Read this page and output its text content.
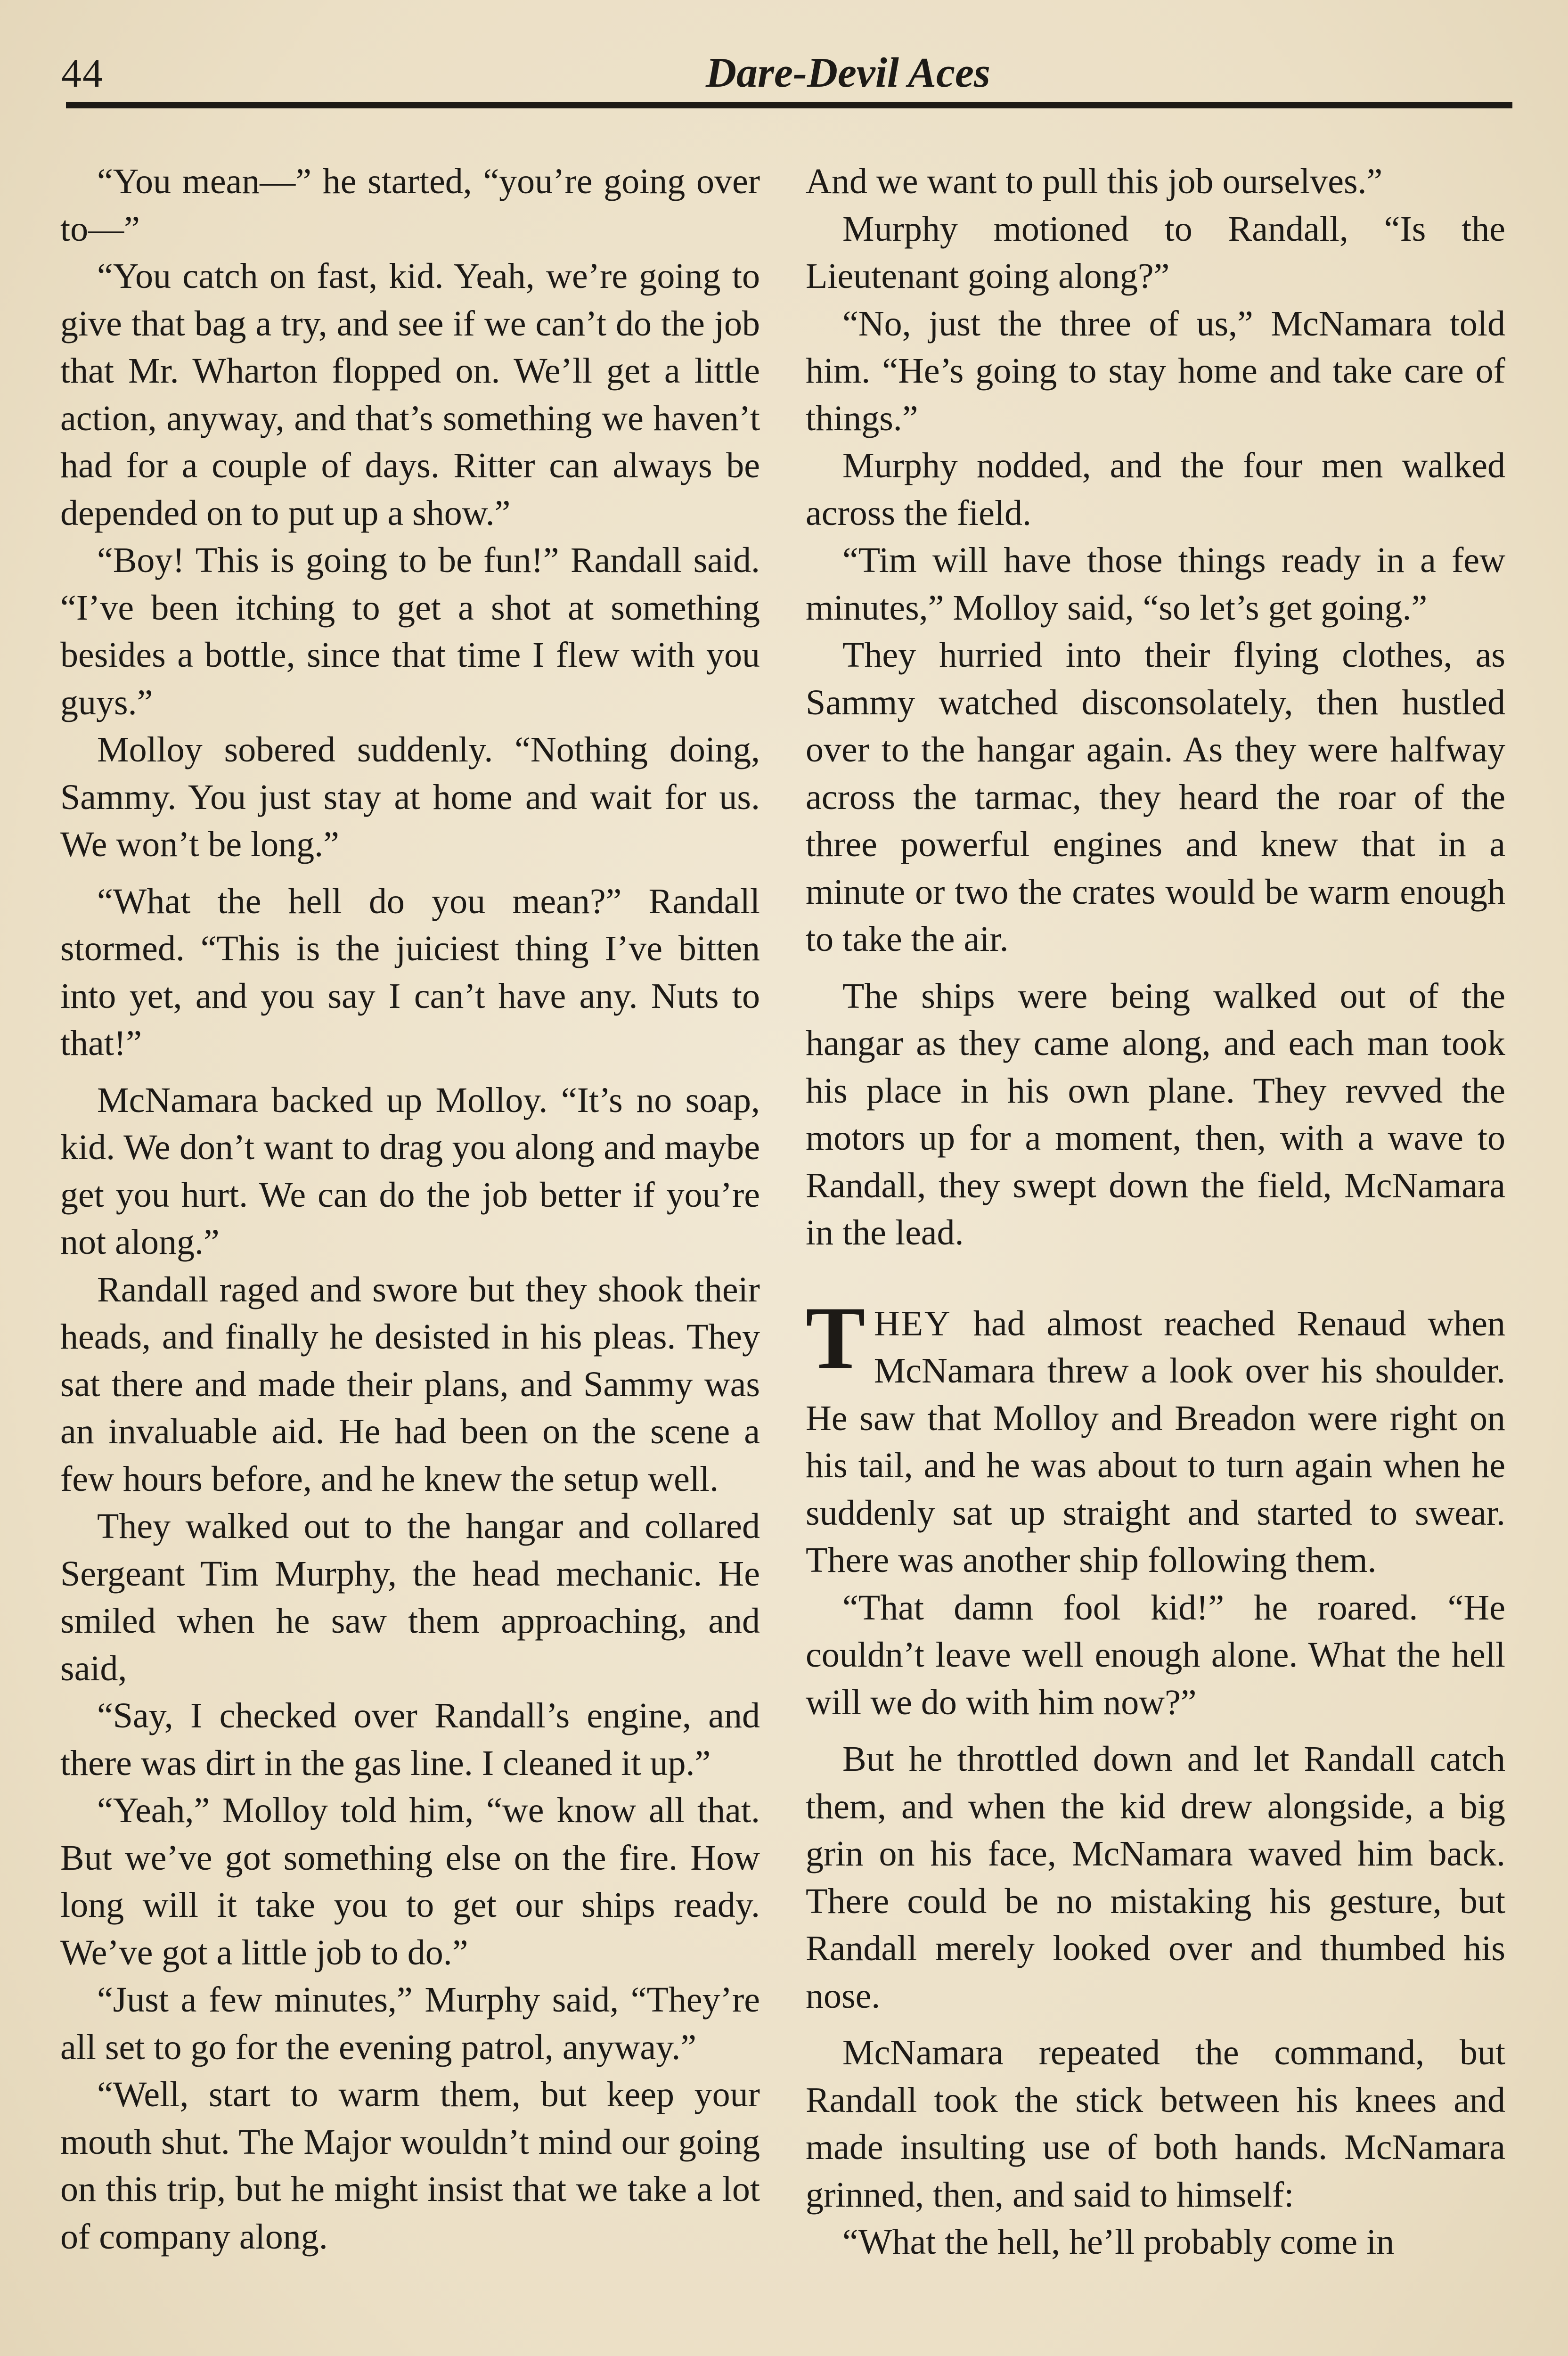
44	Dare-Devil Aces

“You mean—” he started, “you’re going over to—”

“You catch on fast, kid. Yeah, we’re going to give that bag a try, and see if we can’t do the job that Mr. Wharton flopped on. We’ll get a little action, anyway, and that’s something we haven’t had for a couple of days. Ritter can always be depended on to put up a show.”

“Boy! This is going to be fun!” Randall said. “I’ve been itching to get a shot at something besides a bottle, since that time I flew with you guys.”

Molloy sobered suddenly. “Nothing doing, Sammy. You just stay at home and wait for us. We won’t be long.”

“What the hell do you mean?” Randall stormed. “This is the juiciest thing I’ve bitten into yet, and you say I can’t have any. Nuts to that!”

McNamara backed up Molloy. “It’s no soap, kid. We don’t want to drag you along and maybe get you hurt. We can do the job better if you’re not along.”

Randall raged and swore but they shook their heads, and finally he desisted in his pleas. They sat there and made their plans, and Sammy was an invaluable aid. He had been on the scene a few hours before, and he knew the setup well.

They walked out to the hangar and collared Sergeant Tim Murphy, the head mechanic. He smiled when he saw them approaching, and said,

“Say, I checked over Randall’s engine, and there was dirt in the gas line. I cleaned it up.”

“Yeah,” Molloy told him, “we know all that. But we’ve got something else on the fire. How long will it take you to get our ships ready. We’ve got a little job to do.”

“Just a few minutes,” Murphy said, “They’re all set to go for the evening patrol, anyway.”

“Well, start to warm them, but keep your mouth shut. The Major wouldn’t mind our going on this trip, but he might insist that we take a lot of company along.

And we want to pull this job ourselves.”

Murphy motioned to Randall, “Is the Lieutenant going along?”

“No, just the three of us,” McNamara told him. “He’s going to stay home and take care of things.”

Murphy nodded, and the four men walked across the field.

“Tim will have those things ready in a few minutes,” Molloy said, “so let’s get going.”

They hurried into their flying clothes, as Sammy watched disconsolately, then hustled over to the hangar again. As they were halfway across the tarmac, they heard the roar of the three powerful engines and knew that in a minute or two the crates would be warm enough to take the air.

The ships were being walked out of the hangar as they came along, and each man took his place in his own plane. They revved the motors up for a moment, then, with a wave to Randall, they swept down the field, McNamara in the lead.

THEY had almost reached Renaud when McNamara threw a look over his shoulder. He saw that Molloy and Breadon were right on his tail, and he was about to turn again when he suddenly sat up straight and started to swear. There was another ship following them.

“That damn fool kid!” he roared. “He couldn’t leave well enough alone. What the hell will we do with him now?”

But he throttled down and let Randall catch them, and when the kid drew alongside, a big grin on his face, McNamara waved him back. There could be no mistaking his gesture, but Randall merely looked over and thumbed his nose.

McNamara repeated the command, but Randall took the stick between his knees and made insulting use of both hands. McNamara grinned, then, and said to himself:

“What the hell, he’ll probably come in
